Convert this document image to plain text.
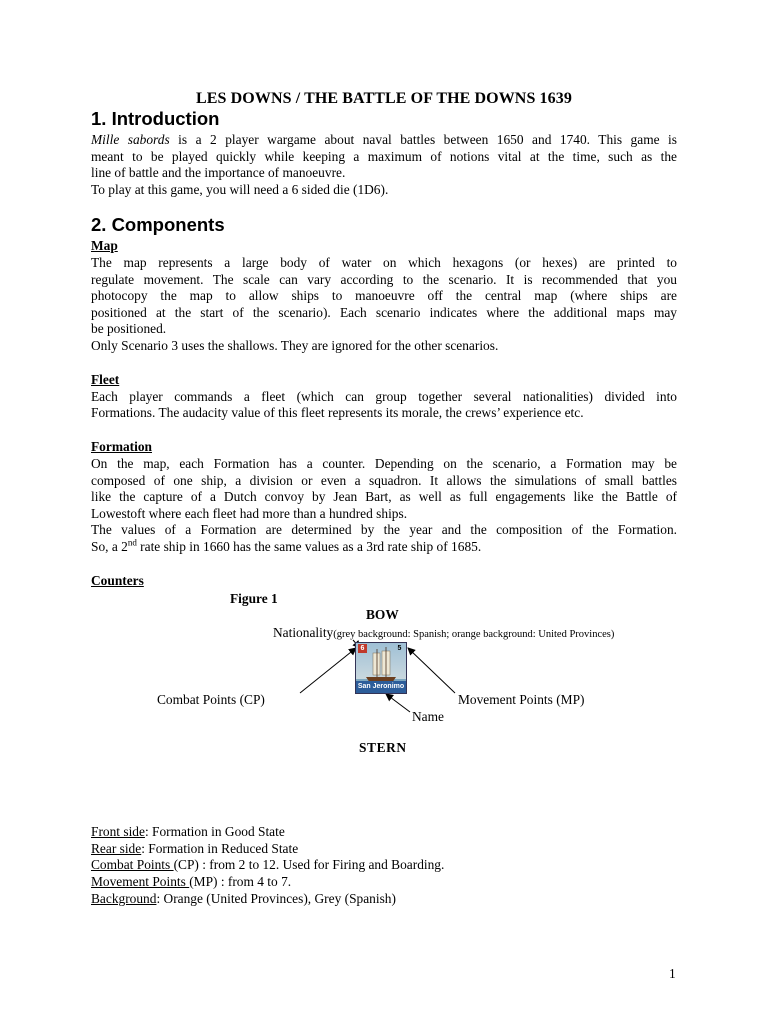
LES DOWNS / THE BATTLE OF THE DOWNS 1639
1. Introduction
Mille sabords is a 2 player wargame about naval battles between 1650 and 1740. This game is
meant to be played quickly while keeping a maximum of notions vital at the time, such as the
line of battle and the importance of manoeuvre.
To play at this game, you will need a 6 sided die (1D6).
2. Components
Map
The map represents a large body of water on which hexagons (or hexes) are printed to
regulate movement. The scale can vary according to the scenario. It is recommended that you
photocopy the map to allow ships to manoeuvre off the central map (where ships are
positioned at the start of the scenario). Each scenario indicates where the additional maps may
be positioned.
Only Scenario 3 uses the shallows. They are ignored for the other scenarios.
Fleet
Each player commands a fleet (which can group together several nationalities) divided into
Formations. The audacity value of this fleet represents its morale, the crews’ experience etc.
Formation
On the map, each Formation has a counter. Depending on the scenario, a Formation may be
composed of one ship, a division or even a squadron. It allows the simulations of small battles
like the capture of a Dutch convoy by Jean Bart, as well as full engagements like the Battle of
Lowestoft where each fleet had more than a hundred ships.
The values of a Formation are determined by the year and the composition of the Formation.
So, a 2nd rate ship in 1660 has the same values as a 3rd rate ship of 1685.
Counters
Figure 1
BOW
Nationality(grey background: Spanish; orange background: United Provinces)
6	5
San Jeronimo
Combat Points (CP)	Movement Points (MP)
Name
STERN
Front side: Formation in Good State
Rear side: Formation in Reduced State
Combat Points (CP) : from 2 to 12. Used for Firing and Boarding.
Movement Points (MP) : from 4 to 7.
Background: Orange (United Provinces), Grey (Spanish)
1
